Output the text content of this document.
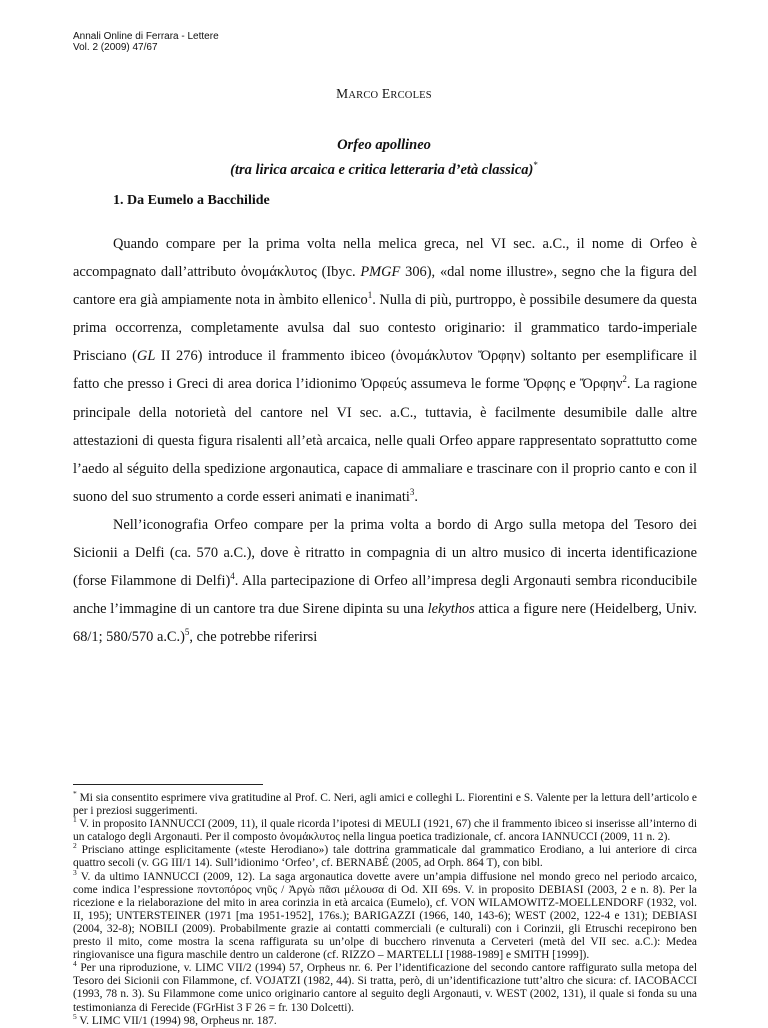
Annali Online di Ferrara - Lettere
Vol. 2 (2009) 47/67
MARCO ERCOLES
Orfeo apollineo
(tra lirica arcaica e critica letteraria d’età classica)*
1. Da Eumelo a Bacchilide

Quando compare per la prima volta nella melica greca, nel VI sec. a.C., il nome di Orfeo è accompagnato dall’attributo ὀνομάκλυτος (Ibyc. PMGF 306), «dal nome illustre», segno che la figura del cantore era già ampiamente nota in àmbito ellenico$^1$. Nulla di più, purtroppo, è possibile desumere da questa prima occorrenza, completamente avulsa dal suo contesto originario: il grammatico tardo-imperiale Prisciano (GL II 276) introduce il frammento ibiceo (ὀνομάκλυτον Ὄρφην) soltanto per esemplificare il fatto che presso i Greci di area dorica l’idionimo Ὀρφεύς assumeva le forme Ὄρφης e Ὄρφην$^2$. La ragione principale della notorietà del cantore nel VI sec. a.C., tuttavia, è facilmente desumibile dalle altre attestazioni di questa figura risalenti all’età arcaica, nelle quali Orfeo appare rappresentato soprattutto come l’aedo al séguito della spedizione argonautica, capace di ammaliare e trascinare con il proprio canto e con il suono del suo strumento a corde esseri animati e inanimati$^3$.

Nell’iconografia Orfeo compare per la prima volta a bordo di Argo sulla metopa del Tesoro dei Sicionii a Delfi (ca. 570 a.C.), dove è ritratto in compagnia di un altro musico di incerta identificazione (forse Filammone di Delfi)$^4$. Alla partecipazione di Orfeo all’impresa degli Argonauti sembra riconducibile anche l’immagine di un cantore tra due Sirene dipinta su una lekythos attica a figure nere (Heidelberg, Univ. 68/1; 580/570 a.C.)$^5$, che potrebbe riferirsi

* Mi sia consentito esprimere viva gratitudine al Prof. C. Neri, agli amici e colleghi L. Fiorentini e S. Valente per la lettura dell’articolo e per i preziosi suggerimenti.

$^1$ V. in proposito IANNUCCI (2009, 11), il quale ricorda l’ipotesi di MEULI (1921, 67) che il frammento ibiceo si inserisse all’interno di un catalogo degli Argonauti. Per il composto ὀνομάκλυτος nella lingua poetica tradizionale, cf. ancora IANNUCCI (2009, 11 n. 2).

$^2$ Prisciano attinge esplicitamente («teste Herodiano») tale dottrina grammaticale dal grammatico Erodiano, a lui anteriore di circa quattro secoli (v. GG III/1 14). Sull’idionimo ‘Orfeo’, cf. BERNABÉ (2005, ad Orph. 864 T), con bibl.

$^3$ V. da ultimo IANNUCCI (2009, 12). La saga argonautica dovette avere un’ampia diffusione nel mondo greco nel periodo arcaico, come indica l’espressione ποντοπόρος νηῦς / Ἀργὼ πᾶσι μέλουσα di Od. XII 69s. V. in proposito DEBIASI (2003, 2 e n. 8). Per la ricezione e la rielaborazione del mito in area corinzia in età arcaica (Eumelo), cf. VON WILAMOWITZ-MOELLENDORF (1932, vol. II, 195); UNTERSTEINER (1971 [ma 1951-1952], 176s.); BARIGAZZI (1966, 140, 143-6); WEST (2002, 122-4 e 131); DEBIASI (2004, 32-8); NOBILI (2009). Probabilmente grazie ai contatti commerciali (e culturali) con i Corinzii, gli Etruschi recepirono ben presto il mito, come mostra la scena raffigurata su un’olpe di bucchero rinvenuta a Cerveteri (metà del VII sec. a.C.): Medea ringiovanisce una figura maschile dentro un calderone (cf. RIZZO – MARTELLI [1988-1989] e SMITH [1999]).

$^4$ Per una riproduzione, v. LIMC VII/2 (1994) 57, Orpheus nr. 6. Per l’identificazione del secondo cantore raffigurato sulla metopa del Tesoro dei Sicionii con Filammone, cf. VOJATZI (1982, 44). Si tratta, però, di un’identificazione tutt’altro che sicura: cf. IACOBACCI (1993, 78 n. 3). Su Filammone come unico originario cantore al seguito degli Argonauti, v. WEST (2002, 131), il quale si fonda su una testimonianza di Ferecide (FGrHist 3 F 26 = fr. 130 Dolcetti).

$^5$ V. LIMC VII/1 (1994) 98, Orpheus nr. 187.
